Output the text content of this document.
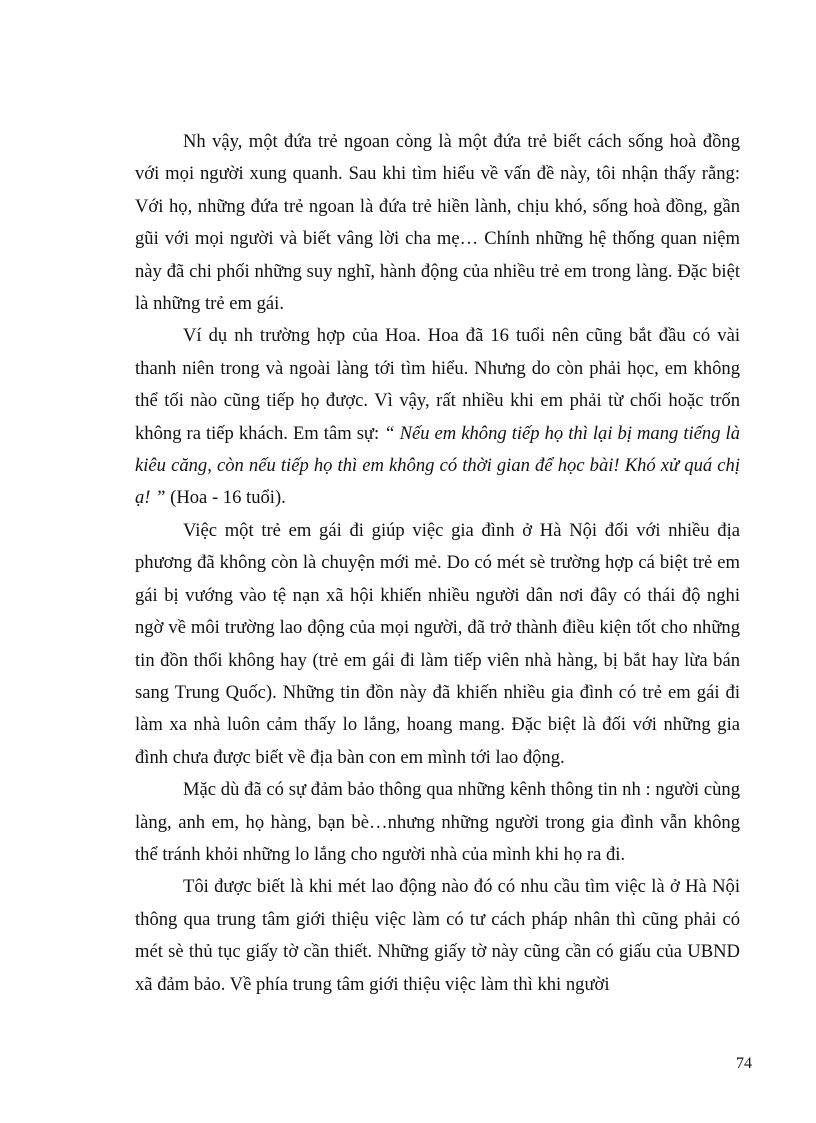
Nh vậy, một đứa trẻ ngoan còng là một đứa trẻ biết cách sống hoà đồng với mọi người xung quanh. Sau khi tìm hiểu về vấn đề này, tôi nhận thấy rằng: Với họ, những đứa trẻ ngoan là đứa trẻ hiền lành, chịu khó, sống hoà đồng, gần gũi với mọi người và biết vâng lời cha mẹ… Chính những hệ thống quan niệm này đã chi phối những suy nghĩ, hành động của nhiều trẻ em trong làng. Đặc biệt là những trẻ em gái.

Ví dụ nh trường hợp của Hoa. Hoa đã 16 tuổi nên cũng bắt đầu có vài thanh niên trong và ngoài làng tới tìm hiểu. Nhưng do còn phải học, em không thể tối nào cũng tiếp họ được. Vì vậy, rất nhiều khi em phải từ chối hoặc trốn không ra tiếp khách. Em tâm sự: “ Nếu em không tiếp họ thì lại bị mang tiếng là kiêu căng, còn nếu tiếp họ thì em không có thời gian để học bài! Khó xử quá chị ạ! ” (Hoa - 16 tuổi).

Việc một trẻ em gái đi giúp việc gia đình ở Hà Nội đối với nhiều địa phương đã không còn là chuyện mới mẻ. Do có mét sè trường hợp cá biệt trẻ em gái bị vướng vào tệ nạn xã hội khiến nhiều người dân nơi đây có thái độ nghi ngờ về môi trường lao động của mọi người, đã trở thành điều kiện tốt cho những tin đồn thổi không hay (trẻ em gái đi làm tiếp viên nhà hàng, bị bắt hay lừa bán sang Trung Quốc). Những tin đồn này đã khiến nhiều gia đình có trẻ em gái đi làm xa nhà luôn cảm thấy lo lắng, hoang mang. Đặc biệt là đối với những gia đình chưa được biết về địa bàn con em mình tới lao động.

Mặc dù đã có sự đảm bảo thông qua những kênh thông tin nh : người cùng làng, anh em, họ hàng, bạn bè…nhưng những người trong gia đình vẫn không thể tránh khỏi những lo lắng cho người nhà của mình khi họ ra đi.

Tôi được biết là khi mét lao động nào đó có nhu cầu tìm việc là ở Hà Nội thông qua trung tâm giới thiệu việc làm có tư cách pháp nhân thì cũng phải có mét sè thủ tục giấy tờ cần thiết. Những giấy tờ này cũng cần có giấu của UBND xã đảm bảo. Về phía trung tâm giới thiệu việc làm thì khi người

74
